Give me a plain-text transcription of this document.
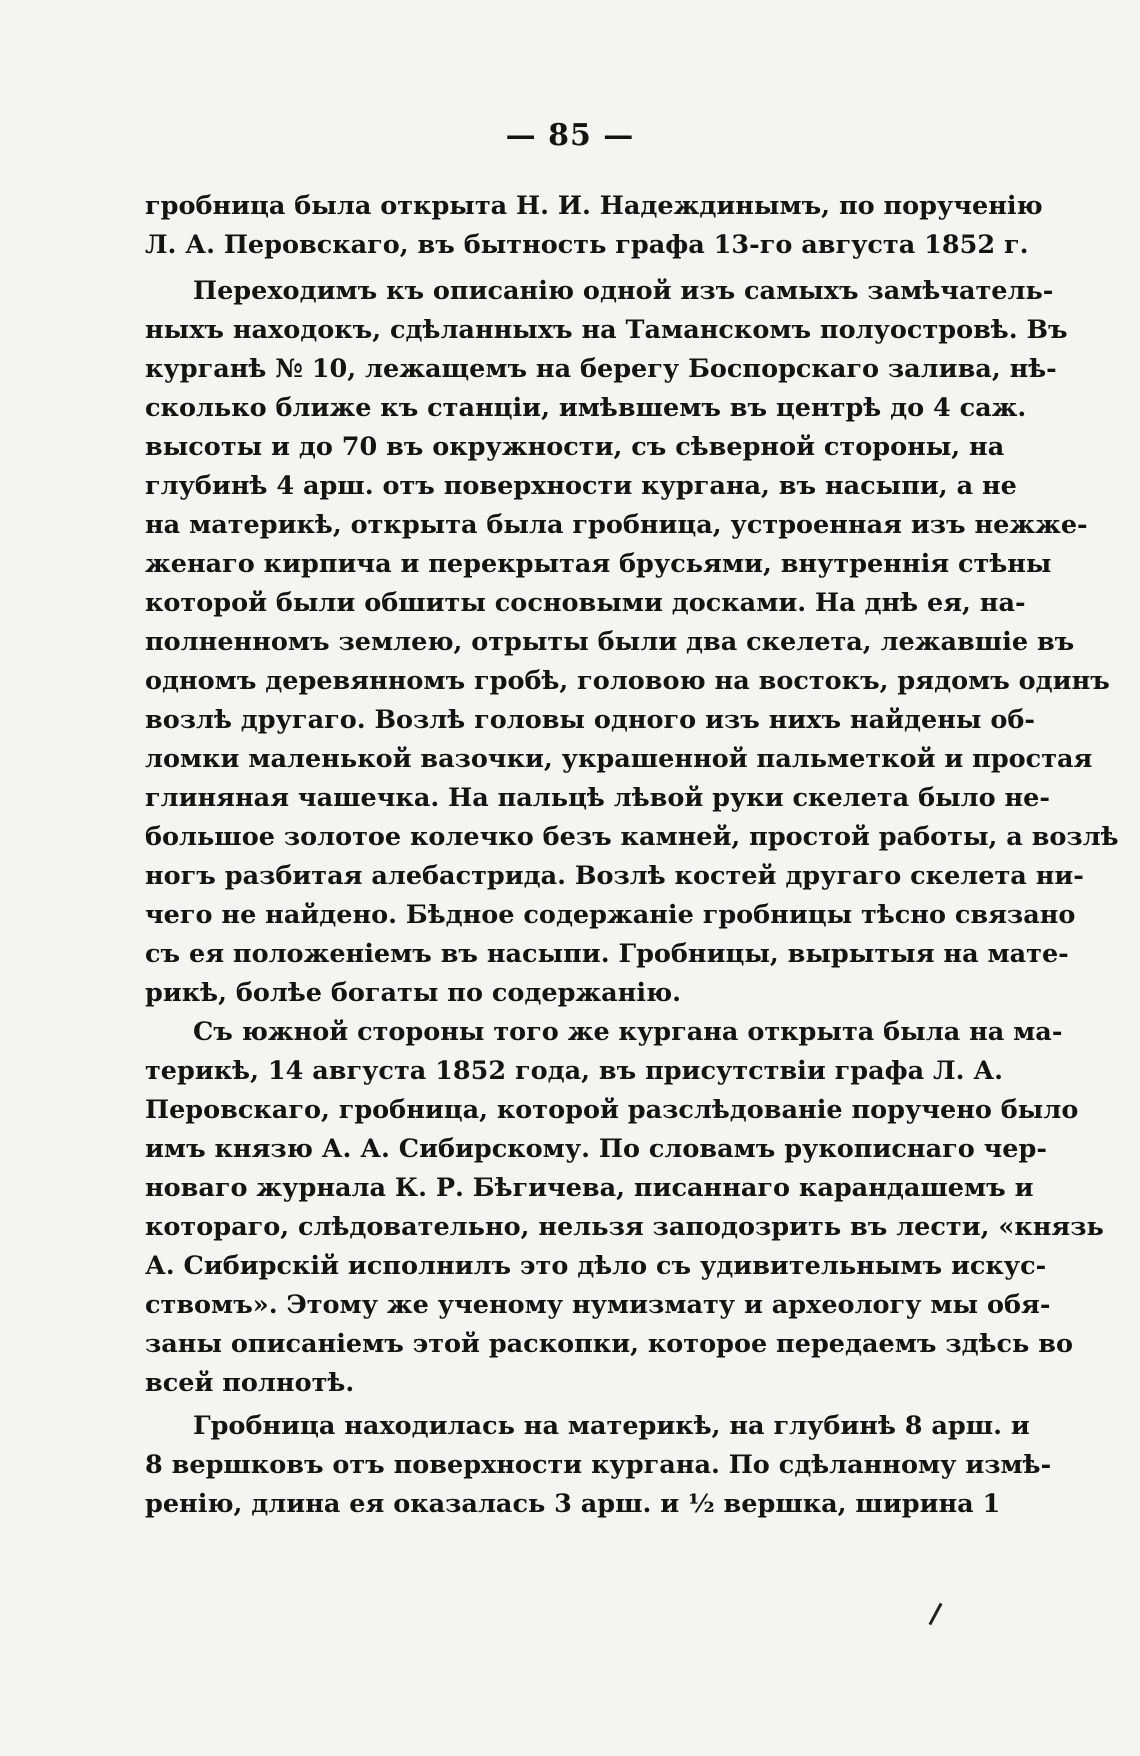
— 85 —
гробница была открыта Н. И. Надеждинымъ, по порученію
Л. А. Перовскаго, въ бытность графа 13-го августа 1852 г.
Переходимъ къ описанію одной изъ самыхъ замѣчатель-
ныхъ находокъ, сдѣланныхъ на Таманскомъ полуостровѣ. Въ
курганѣ № 10, лежащемъ на берегу Боспорскаго залива, нѣ-
сколько ближе къ станціи, имѣвшемъ въ центрѣ до 4 саж.
высоты и до 70 въ окружности, съ сѣверной стороны, на
глубинѣ 4 арш. отъ поверхности кургана, въ насыпи, а не
на материкѣ, открыта была гробница, устроенная изъ нежже-
женаго кирпича и перекрытая брусьями, внутреннія стѣны
которой были обшиты сосновыми досками. На днѣ ея, на-
полненномъ землею, отрыты были два скелета, лежавшіе въ
одномъ деревянномъ гробѣ, головою на востокъ, рядомъ одинъ
возлѣ другаго. Возлѣ головы одного изъ нихъ найдены об-
ломки маленькой вазочки, украшенной пальметкой и простая
глиняная чашечка. На пальцѣ лѣвой руки скелета было не-
большое золотое колечко безъ камней, простой работы, а возлѣ
ногъ разбитая алебастрида. Возлѣ костей другаго скелета ни-
чего не найдено. Бѣдное содержаніе гробницы тѣсно связано
съ ея положеніемъ въ насыпи. Гробницы, вырытыя на мате-
рикѣ, болѣе богаты по содержанію.
Съ южной стороны того же кургана открыта была на ма-
терикѣ, 14 августа 1852 года, въ присутствіи графа Л. А.
Перовскаго, гробница, которой разслѣдованіе поручено было
имъ князю А. А. Сибирскому. По словамъ рукописнаго чер-
новаго журнала К. Р. Бѣгичева, писаннаго карандашемъ и
котораго, слѣдовательно, нельзя заподозрить въ лести, «князь
А. Сибирскій исполнилъ это дѣло съ удивительнымъ искус-
ствомъ». Этому же ученому нумизмату и археологу мы обя-
заны описаніемъ этой раскопки, которое передаемъ здѣсь во
всей полнотѣ.
Гробница находилась на материкѣ, на глубинѣ 8 арш. и
8 вершковъ отъ поверхности кургана. По сдѣланному измѣ-
ренію, длина ея оказалась 3 арш. и ½ вершка, ширина 1
